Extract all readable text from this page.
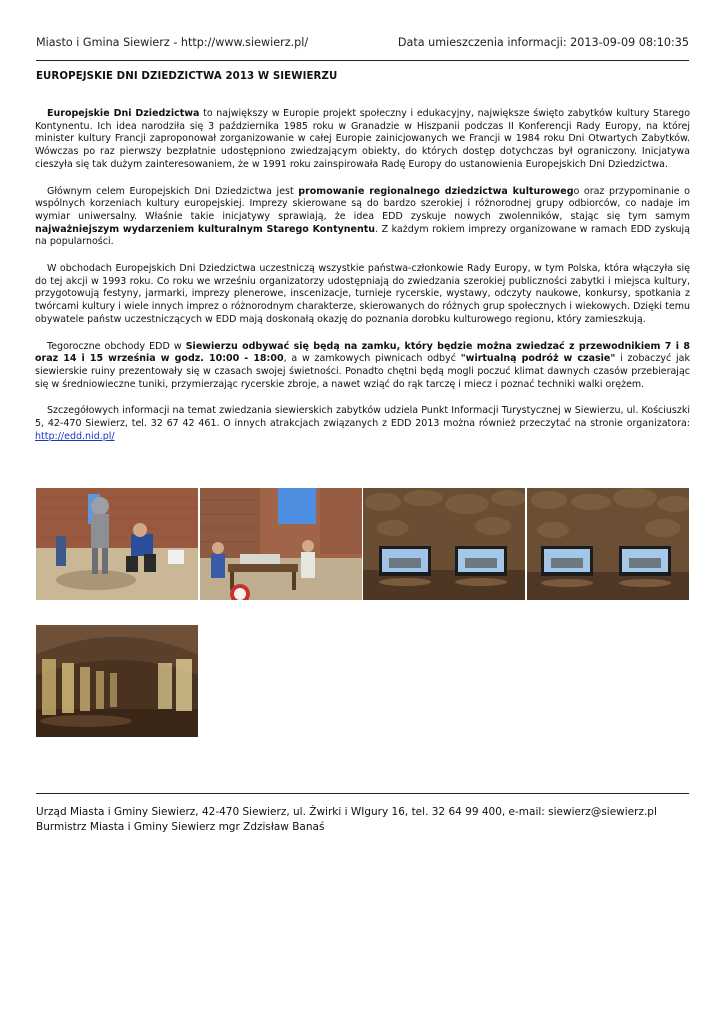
Miasto i Gmina Siewierz - http://www.siewierz.pl/	Data umieszczenia informacji: 2013-09-09 08:10:35
EUROPEJSKIE DNI DZIEDZICTWA 2013 W SIEWIERZU

Europejskie Dni Dziedzictwa to największy w Europie projekt społeczny i edukacyjny, największe święto zabytków kultury Starego Kontynentu. Ich idea narodziła się 3 października 1985 roku w Granadzie w Hiszpanii podczas II Konferencji Rady Europy, na której minister kultury Francji zaproponował zorganizowanie w całej Europie zainicjowanych we Francji w 1984 roku Dni Otwartych Zabytków. Wówczas po raz pierwszy bezpłatnie udostępniono zwiedzającym obiekty, do których dostęp dotychczas był ograniczony. Inicjatywa cieszyła się tak dużym zainteresowaniem, że w 1991 roku zainspirowała Radę Europy do ustanowienia Europejskich Dni Dziedzictwa.

Głównym celem Europejskich Dni Dziedzictwa jest promowanie regionalnego dziedzictwa kulturowego oraz przypominanie o wspólnych korzeniach kultury europejskiej. Imprezy skierowane są do bardzo szerokiej i różnorodnej grupy odbiorców, co nadaje im wymiar uniwersalny. Właśnie takie inicjatywy sprawiają, że idea EDD zyskuje nowych zwolenników, stając się tym samym najważniejszym wydarzeniem kulturalnym Starego Kontynentu. Z każdym rokiem imprezy organizowane w ramach EDD zyskują na popularności.

W obchodach Europejskich Dni Dziedzictwa uczestniczą wszystkie państwa-członkowie Rady Europy, w tym Polska, która włączyła się do tej akcji w 1993 roku. Co roku we wrześniu organizatorzy udostępniają do zwiedzania szerokiej publiczności zabytki i miejsca kultury, przygotowują festyny, jarmarki, imprezy plenerowe, inscenizacje, turnieje rycerskie, wystawy, odczyty naukowe, konkursy, spotkania z twórcami kultury i wiele innych imprez o różnorodnym charakterze, skierowanych do różnych grup społecznych i wiekowych. Dzięki temu obywatele państw uczestniczących w EDD mają doskonałą okazję do poznania dorobku kulturowego regionu, który zamieszkują.

Tegoroczne obchody EDD w Siewierzu odbywać się będą na zamku, który będzie można zwiedzać z przewodnikiem 7 i 8 oraz 14 i 15 września w godz. 10:00 - 18:00, a w zamkowych piwnicach odbyć "wirtualną podróż w czasie" i zobaczyć jak siewierskie ruiny prezentowały się w czasach swojej świetności. Ponadto chętni będą mogli poczuć klimat dawnych czasów przebierając się w średniowieczne tuniki, przymierzając rycerskie zbroje, a nawet wziąć do rąk tarczę i miecz i poznać techniki walki orężem.

Szczegółowych informacji na temat zwiedzania siewierskich zabytków udziela Punkt Informacji Turystycznej w Siewierzu, ul. Kościuszki 5, 42-470 Siewierz, tel. 32 67 42 461. O innych atrakcjach związanych z EDD 2013 można również przeczytać na stronie organizatora: http://edd.nid.pl/

Urząd Miasta i Gminy Siewierz, 42-470 Siewierz, ul. Żwirki i WIgury 16, tel. 32 64 99 400, e-mail: siewierz@siewierz.pl
Burmistrz Miasta i Gminy Siewierz mgr Zdzisław Banaś
